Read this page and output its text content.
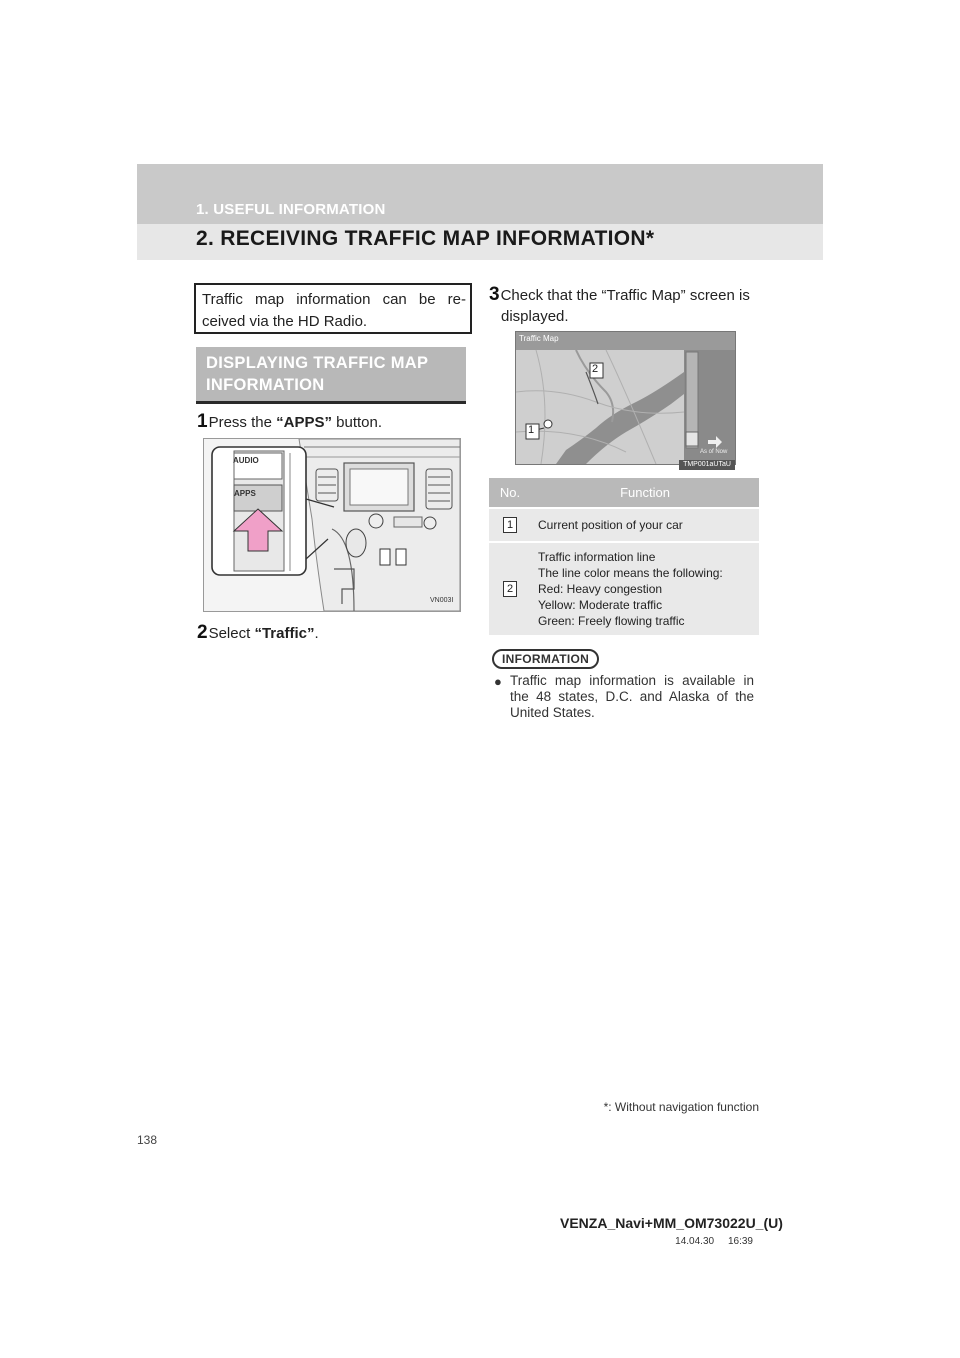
1. USEFUL INFORMATION
2. RECEIVING TRAFFIC MAP INFORMATION*
Traffic map information can be re-
ceived via the HD Radio.
DISPLAYING TRAFFIC MAP
INFORMATION
1Press the “APPS” button.
AUDIO
APPS
VN003I
2Select “Traffic”.
3Check that the “Traffic Map” screen is
displayed.
Traffic Map
2
1
As of Now
TMP001aUTaU
No.	Function
1	Current position of your car

2	Traffic information line
The line color means the following:
Red: Heavy congestion
Yellow: Moderate traffic
Green: Freely flowing traffic
INFORMATION
● Traffic map information is available in the 48 states, D.C. and Alaska of the United States.
*: Without navigation function
138
VENZA_Navi+MM_OM73022U_(U)
14.04.30     16:39
